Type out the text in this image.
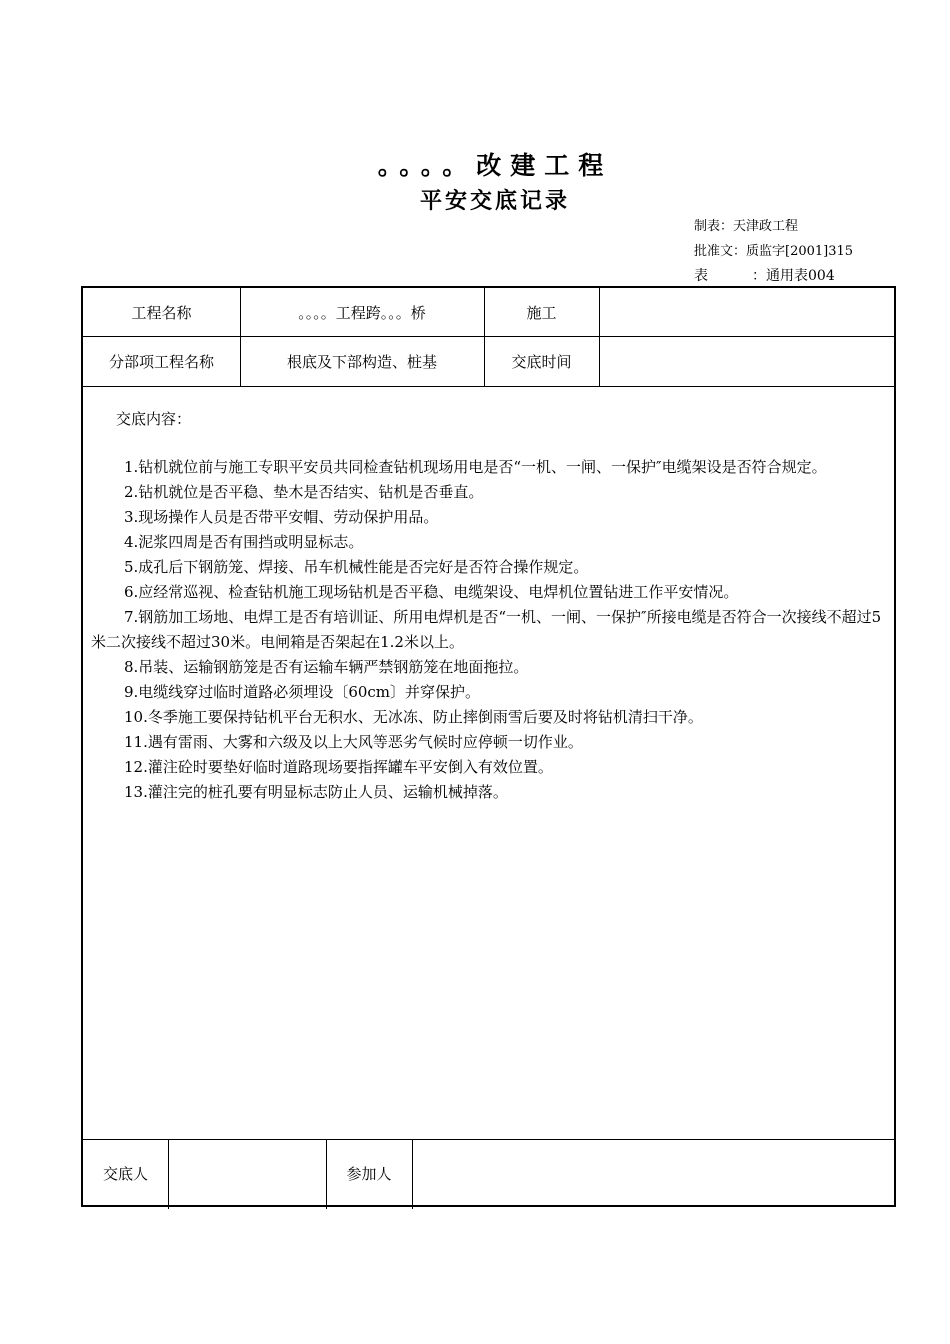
。。。。改建工程
平安交底记录
制表：天津政工程
批准文：质监字[2001]315
表	：通用表004
工程名称	。。。。工程跨。。。桥	施工
分部项工程名称	根底及下部构造、桩基	交底时间
交底内容：

1.钻机就位前与施工专职平安员共同检查钻机现场用电是否“一机、一闸、一保护″电缆架设是否符合规定。

2.钻机就位是否平稳、垫木是否结实、钻机是否垂直。

3.现场操作人员是否带平安帽、劳动保护用品。

4.泥浆四周是否有围挡或明显标志。

5.成孔后下钢筋笼、焊接、吊车机械性能是否完好是否符合操作规定。

6.应经常巡视、检查钻机施工现场钻机是否平稳、电缆架设、电焊机位置钻进工作平安情况。

7.钢筋加工场地、电焊工是否有培训证、所用电焊机是否“一机、一闸、一保护″所接电缆是否符合一次接线不超过5米二次接线不超过30米。电闸箱是否架起在1.2米以上。

8.吊装、运输钢筋笼是否有运输车辆严禁钢筋笼在地面拖拉。

9.电缆线穿过临时道路必须埋设〔60cm〕并穿保护。

10.冬季施工要保持钻机平台无积水、无冰冻、防止摔倒雨雪后要及时将钻机清扫干净。

11.遇有雷雨、大雾和六级及以上大风等恶劣气候时应停顿一切作业。

12.灌注砼时要垫好临时道路现场要指挥罐车平安倒入有效位置。

13.灌注完的桩孔要有明显标志防止人员、运输机械掉落。

交底人	参加人
